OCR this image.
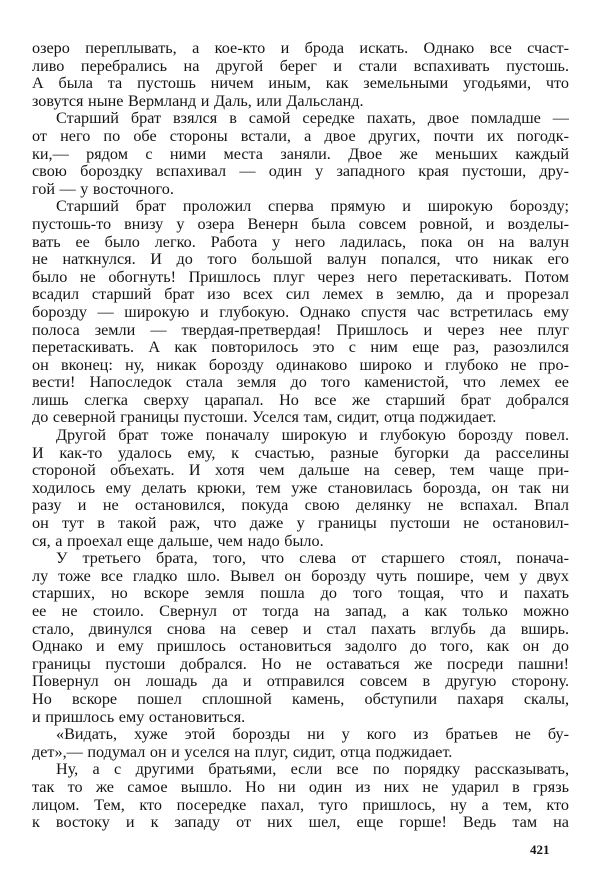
озеро переплывать, а кое-кто и брода искать. Однако все счаст-
ливо перебрались на другой берег и стали вспахивать пустошь.
А была та пустошь ничем иным, как земельными угодьями, что
зовутся ныне Вермланд и Даль, или Дальсланд.
Старший брат взялся в самой середке пахать, двое помладше —
от него по обе стороны встали, а двое других, почти их погодк-
ки,— рядом с ними места заняли. Двое же меньших каждый
свою бороздку вспахивал — один у западного края пустоши, дру-
гой — у восточного.
Старший брат проложил сперва прямую и широкую борозду;
пустошь-то внизу у озера Венерн была совсем ровной, и возделы-
вать ее было легко. Работа у него ладилась, пока он на валун
не наткнулся. И до того большой валун попался, что никак его
было не обогнуть! Пришлось плуг через него перетаскивать. Потом
всадил старший брат изо всех сил лемех в землю, да и прорезал
борозду — широкую и глубокую. Однако спустя час встретилась ему
полоса земли — твердая-претвердая! Пришлось и через нее плуг
перетаскивать. А как повторилось это с ним еще раз, разозлился
он вконец: ну, никак борозду одинаково широко и глубоко не про-
вести! Напоследок стала земля до того каменистой, что лемех ее
лишь слегка сверху царапал. Но все же старший брат добрался
до северной границы пустоши. Уселся там, сидит, отца поджидает.
Другой брат тоже поначалу широкую и глубокую борозду повел.
И как-то удалось ему, к счастью, разные бугорки да расселины
стороной объехать. И хотя чем дальше на север, тем чаще при-
ходилось ему делать крюки, тем уже становилась борозда, он так ни
разу и не остановился, покуда свою делянку не вспахал. Впал
он тут в такой раж, что даже у границы пустоши не остановил-
ся, а проехал еще дальше, чем надо было.
У третьего брата, того, что слева от старшего стоял, поначa-
лу тоже все гладко шло. Вывел он борозду чуть пошире, чем у двух
старших, но вскоре земля пошла до того тощая, что и пахать
ее не стоило. Свернул от тогда на запад, а как только можно
стало, двинулся снова на север и стал пахать вглубь да вширь.
Однако и ему пришлось остановиться задолго до того, как он до
границы пустоши добрался. Но не оставаться же посреди пашни!
Повернул он лошадь да и отправился совсем в другую сторону.
Но вскоре пошел сплошной камень, обступили пахаря скалы,
и пришлось ему остановиться.
«Видать, хуже этой борозды ни у кого из братьев не бу-
дет»,— подумал он и уселся на плуг, сидит, отца поджидает.
Ну, а с другими братьями, если все по порядку рассказывать,
так то же самое вышло. Но ни один из них не ударил в грязь
лицом. Тем, кто посередке пахал, туго пришлось, ну а тем, кто
к востоку и к западу от них шел, еще горше! Ведь там на
421
